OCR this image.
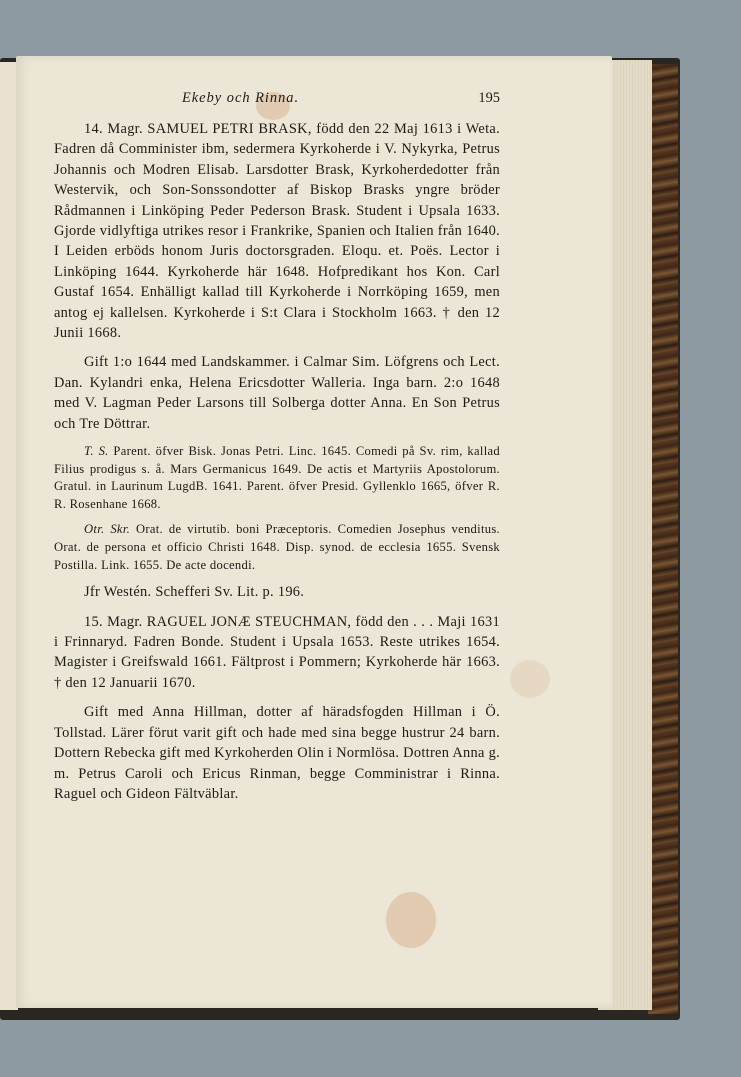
Ekeby och Rinna.	195

14. Magr. SAMUEL PETRI BRASK, född den 22 Maj 1613 i Weta. Fadren då Comminister ibm, sedermera Kyrkoherde i V. Nykyrka, Petrus Johannis och Modren Elisab. Larsdotter Brask, Kyrkoherdedotter från Westervik, och Son-Sonssondotter af Biskop Brasks yngre bröder Rådmannen i Linköping Peder Pederson Brask. Student i Upsala 1633. Gjorde vidlyftiga utrikes resor i Frankrike, Spanien och Italien från 1640. I Leiden erböds honom Juris doctorsgraden. Eloqu. et. Poës. Lector i Linköping 1644. Kyrkoherde här 1648. Hofpredikant hos Kon. Carl Gustaf 1654. Enhälligt kallad till Kyrkoherde i Norrköping 1659, men antog ej kallelsen. Kyrkoherde i S:t Clara i Stockholm 1663. † den 12 Junii 1668.

Gift 1:o 1644 med Landskammer. i Calmar Sim. Löfgrens och Lect. Dan. Kylandri enka, Helena Ericsdotter Walleria. Inga barn. 2:o 1648 med V. Lagman Peder Larsons till Solberga dotter Anna. En Son Petrus och Tre Döttrar.

T. S. Parent. öfver Bisk. Jonas Petri. Linc. 1645. Comedi på Sv. rim, kallad Filius prodigus s. å. Mars Germanicus 1649. De actis et Martyriis Apostolorum. Gratul. in Laurinum LugdB. 1641. Parent. öfver Presid. Gyllenklo 1665, öfver R. R. Rosenhane 1668.

Otr. Skr. Orat. de virtutib. boni Præceptoris. Comedien Josephus venditus. Orat. de persona et officio Christi 1648. Disp. synod. de ecclesia 1655. Svensk Postilla. Link. 1655. De acte docendi.

Jfr Westén. Schefferi Sv. Lit. p. 196.

15. Magr. RAGUEL JONÆ STEUCHMAN, född den . . . Maji 1631 i Frinnaryd. Fadren Bonde. Student i Upsala 1653. Reste utrikes 1654. Magister i Greifswald 1661. Fältprost i Pommern; Kyrkoherde här 1663. † den 12 Januarii 1670.

Gift med Anna Hillman, dotter af häradsfogden Hillman i Ö. Tollstad. Lärer förut varit gift och hade med sina begge hustrur 24 barn. Dottern Rebecka gift med Kyrkoherden Olin i Normlösa. Dottren Anna g. m. Petrus Caroli och Ericus Rinman, begge Comministrar i Rinna. Raguel och Gideon Fältväblar.
